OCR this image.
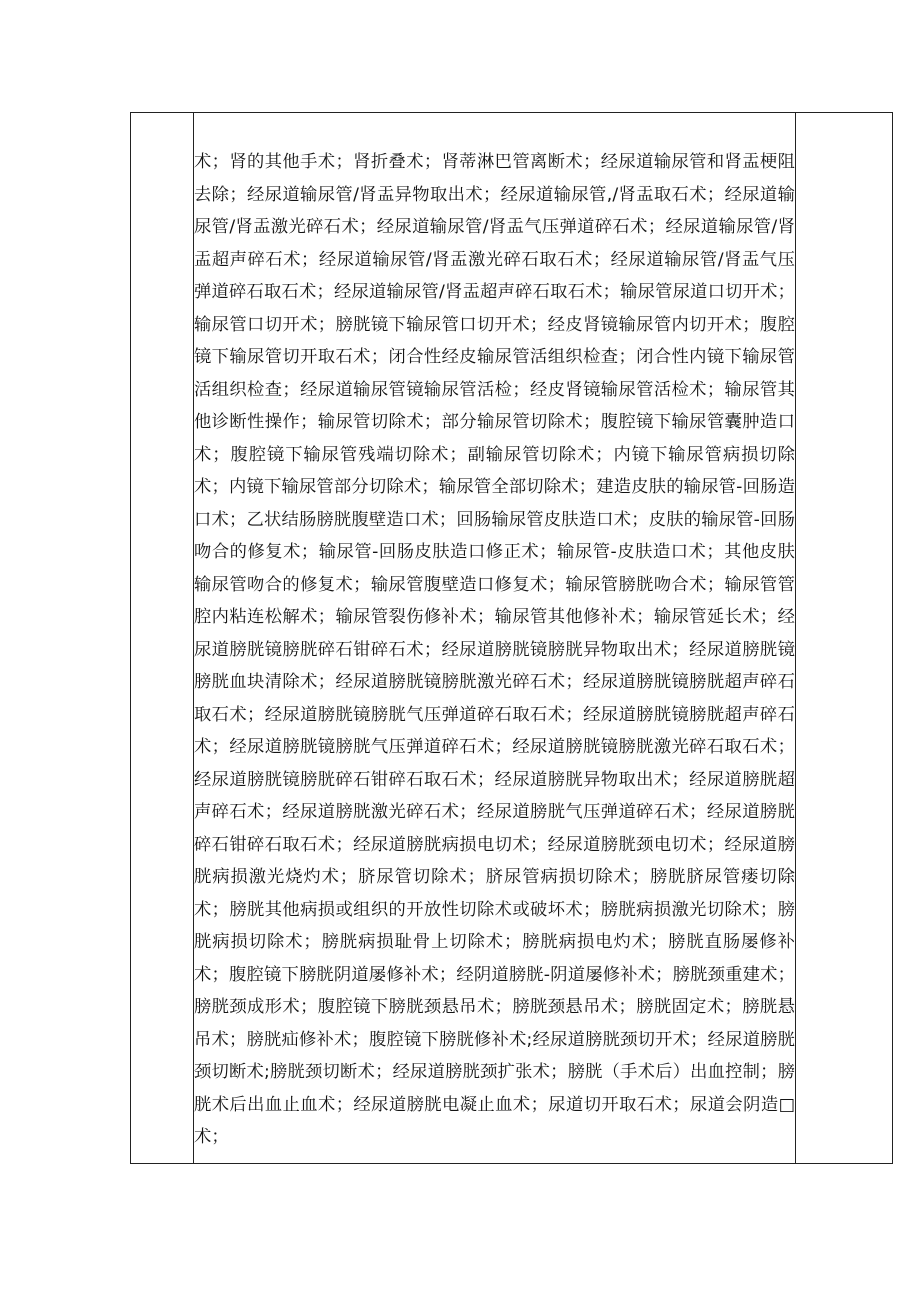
术；肾的其他手术；肾折叠术；肾蒂淋巴管离断术；经尿道输尿管和肾盂梗阻去除；经尿道输尿管/肾盂异物取出术；经尿道输尿管,/肾盂取石术；经尿道输尿管/肾盂激光碎石术；经尿道输尿管/肾盂气压弹道碎石术；经尿道输尿管/肾盂超声碎石术；经尿道输尿管/肾盂激光碎石取石术；经尿道输尿管/肾盂气压弹道碎石取石术；经尿道输尿管/肾盂超声碎石取石术；输尿管尿道口切开术；输尿管口切开术；膀胱镜下输尿管口切开术；经皮肾镜输尿管内切开术；腹腔镜下输尿管切开取石术；闭合性经皮输尿管活组织检查；闭合性内镜下输尿管活组织检查；经尿道输尿管镜输尿管活检；经皮肾镜输尿管活检术；输尿管其他诊断性操作；输尿管切除术；部分输尿管切除术；腹腔镜下输尿管囊肿造口术；腹腔镜下输尿管残端切除术；副输尿管切除术；内镜下输尿管病损切除术；内镜下输尿管部分切除术；输尿管全部切除术；建造皮肤的输尿管-回肠造口术；乙状结肠膀胱腹壁造口术；回肠输尿管皮肤造口术；皮肤的输尿管-回肠吻合的修复术；输尿管-回肠皮肤造口修正术；输尿管-皮肤造口术；其他皮肤输尿管吻合的修复术；输尿管腹壁造口修复术；输尿管膀胱吻合术；输尿管管腔内粘连松解术；输尿管裂伤修补术；输尿管其他修补术；输尿管延长术；经尿道膀胱镜膀胱碎石钳碎石术；经尿道膀胱镜膀胱异物取出术；经尿道膀胱镜膀胱血块清除术；经尿道膀胱镜膀胱激光碎石术；经尿道膀胱镜膀胱超声碎石取石术；经尿道膀胱镜膀胱气压弹道碎石取石术；经尿道膀胱镜膀胱超声碎石术；经尿道膀胱镜膀胱气压弹道碎石术；经尿道膀胱镜膀胱激光碎石取石术；经尿道膀胱镜膀胱碎石钳碎石取石术；经尿道膀胱异物取出术；经尿道膀胱超声碎石术；经尿道膀胱激光碎石术；经尿道膀胱气压弹道碎石术；经尿道膀胱碎石钳碎石取石术；经尿道膀胱病损电切术；经尿道膀胱颈电切术；经尿道膀胱病损激光烧灼术；脐尿管切除术；脐尿管病损切除术；膀胱脐尿管瘘切除术；膀胱其他病损或组织的开放性切除术或破坏术；膀胱病损激光切除术；膀胱病损切除术；膀胱病损耻骨上切除术；膀胱病损电灼术；膀胱直肠屡修补术；腹腔镜下膀胱阴道屡修补术；经阴道膀胱-阴道屡修补术；膀胱颈重建术；膀胱颈成形术；腹腔镜下膀胱颈悬吊术；膀胱颈悬吊术；膀胱固定术；膀胱悬吊术；膀胱疝修补术；腹腔镜下膀胱修补术;经尿道膀胱颈切开术；经尿道膀胱颈切断术;膀胱颈切断术；经尿道膀胱颈扩张术；膀胱（手术后）出血控制；膀胱术后出血止血术；经尿道膀胱电凝止血术；尿道切开取石术；尿道会阴造□术；
